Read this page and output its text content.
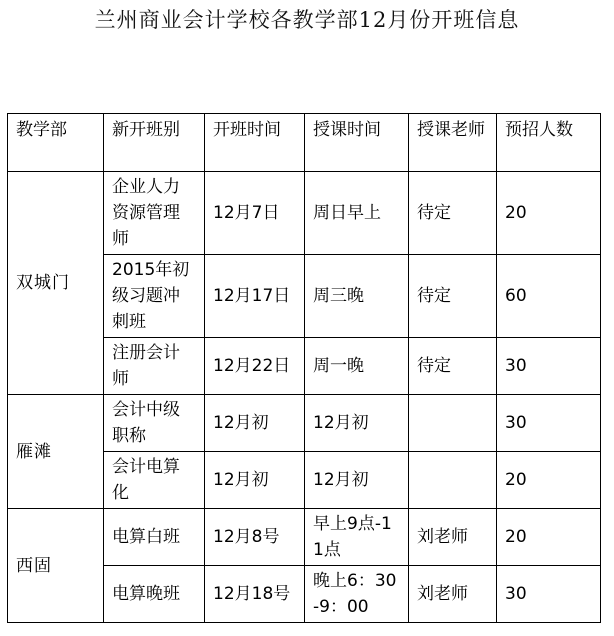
兰州商业会计学校各教学部12月份开班信息
教学部	新开班别	开班时间	授课时间	授课老师	预招人数
双城门	企业人力资源管理师	12月7日	周日早上	待定	20
	2015年初级习题冲刺班	12月17日	周三晚	待定	60
	注册会计师	12月22日	周一晚	待定	30
雁滩	会计中级职称	12月初	12月初		30
	会计电算化	12月初	12月初		20
西固	电算白班	12月8号	早上9点-11点	刘老师	20
	电算晚班	12月18号	晚上6：30-9：00	刘老师	30
